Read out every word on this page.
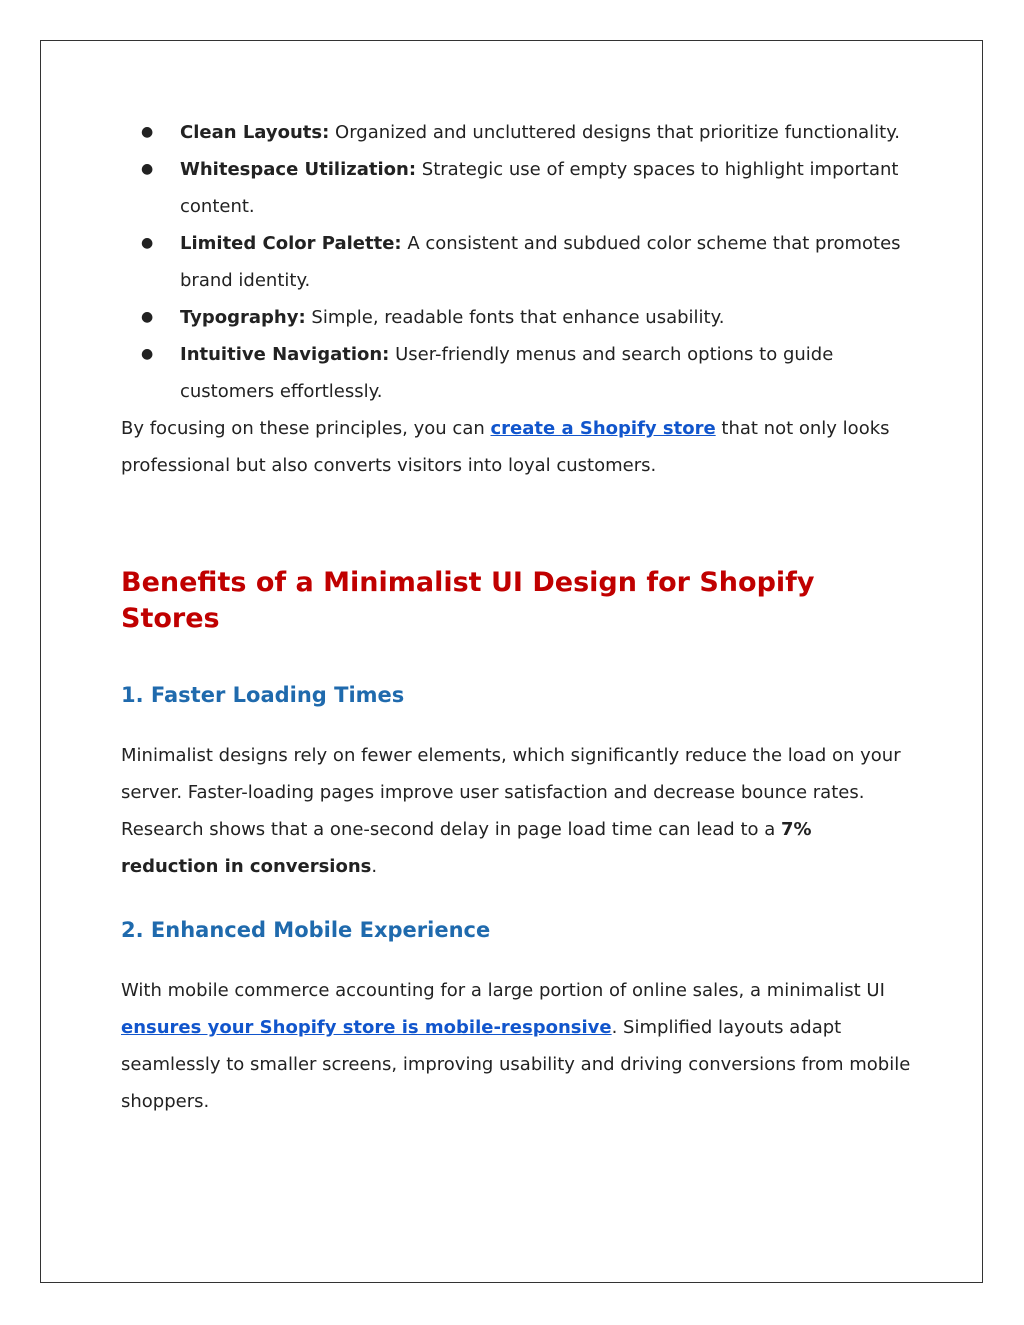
● Clean Layouts: Organized and uncluttered designs that prioritize functionality.
● Whitespace Utilization: Strategic use of empty spaces to highlight important content.
● Limited Color Palette: A consistent and subdued color scheme that promotes brand identity.
● Typography: Simple, readable fonts that enhance usability.
● Intuitive Navigation: User-friendly menus and search options to guide customers effortlessly.

By focusing on these principles, you can create a Shopify store that not only looks professional but also converts visitors into loyal customers.

Benefits of a Minimalist UI Design for Shopify Stores
1. Faster Loading Times

Minimalist designs rely on fewer elements, which significantly reduce the load on your server. Faster-loading pages improve user satisfaction and decrease bounce rates. Research shows that a one-second delay in page load time can lead to a 7% reduction in conversions.

2. Enhanced Mobile Experience

With mobile commerce accounting for a large portion of online sales, a minimalist UI ensures your Shopify store is mobile-responsive. Simplified layouts adapt seamlessly to smaller screens, improving usability and driving conversions from mobile shoppers.
